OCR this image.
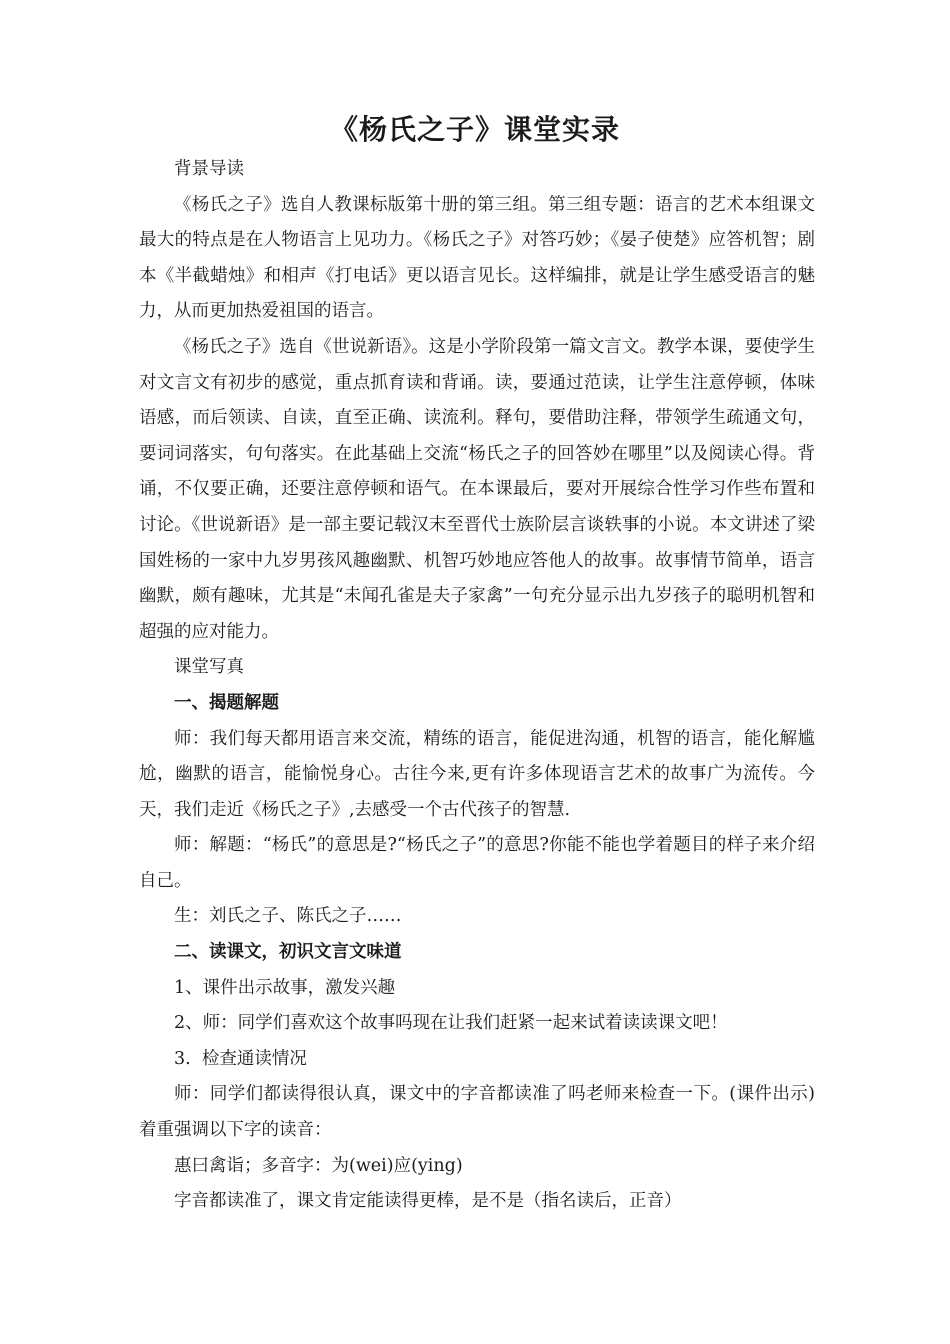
《杨氏之子》课堂实录

背景导读

《杨氏之子》选自人教课标版第十册的第三组。第三组专题：语言的艺术本组课文最大的特点是在人物语言上见功力。《杨氏之子》对答巧妙；《晏子使楚》应答机智；剧本《半截蜡烛》和相声《打电话》更以语言见长。这样编排，就是让学生感受语言的魅力，从而更加热爱祖国的语言。

《杨氏之子》选自《世说新语》。这是小学阶段第一篇文言文。教学本课，要使学生对文言文有初步的感觉，重点抓育读和背诵。读，要通过范读，让学生注意停顿，体味语感，而后领读、自读，直至正确、读流利。释句，要借助注释，带领学生疏通文句，要词词落实，句句落实。在此基础上交流“杨氏之子的回答妙在哪里”以及阅读心得。背诵，不仅要正确，还要注意停顿和语气。在本课最后，要对开展综合性学习作些布置和讨论。《世说新语》是一部主要记载汉末至晋代士族阶层言谈轶事的小说。本文讲述了梁国姓杨的一家中九岁男孩风趣幽默、机智巧妙地应答他人的故事。故事情节简单，语言幽默，颇有趣味，尤其是“未闻孔雀是夫子家禽”一句充分显示出九岁孩子的聪明机智和超强的应对能力。

课堂写真

一、揭题解题

师：我们每天都用语言来交流，精练的语言，能促进沟通，机智的语言，能化解尴尬，幽默的语言，能愉悦身心。古往今来,更有许多体现语言艺术的故事广为流传。今天，我们走近《杨氏之子》,去感受一个古代孩子的智慧.

师：解题：“杨氏”的意思是?“杨氏之子”的意思?你能不能也学着题目的样子来介绍自己。

生：刘氏之子、陈氏之子……

二、读课文，初识文言文味道

1、课件出示故事，激发兴趣

2、师：同学们喜欢这个故事吗现在让我们赶紧一起来试着读读课文吧！

3.  检查通读情况

师：同学们都读得很认真，课文中的字音都读准了吗老师来检查一下。(课件出示)着重强调以下字的读音：

惠曰禽诣；多音字：为(wei)应(ying)

字音都读准了，课文肯定能读得更棒，是不是（指名读后，正音）
